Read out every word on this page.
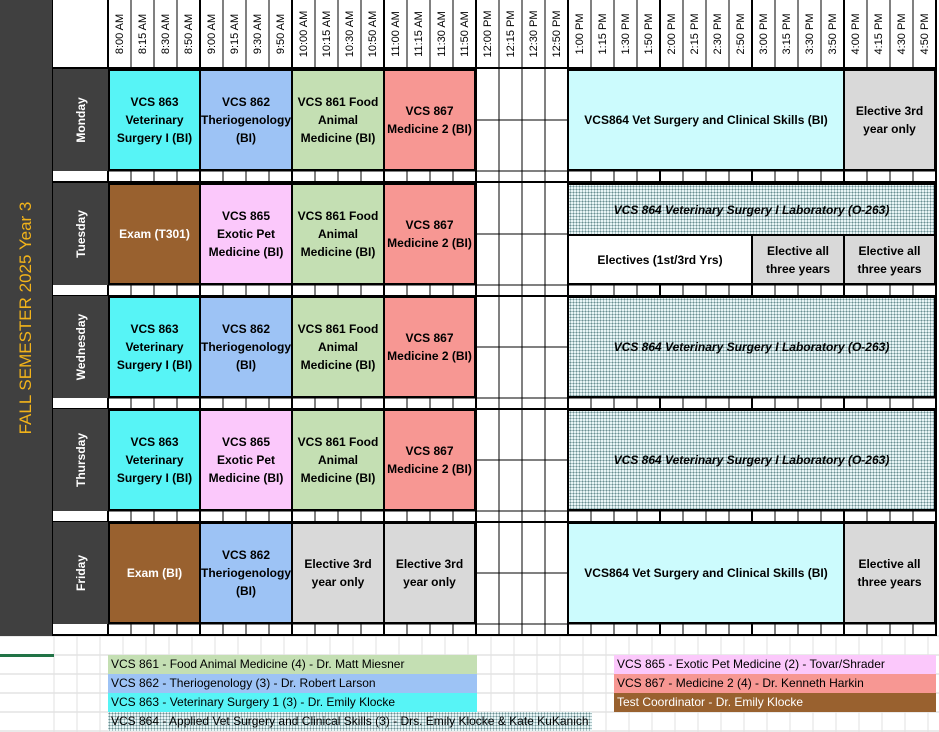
8:00 AM 8:15 AM 8:30 AM 8:50 AM 9:00 AM 9:15 AM 9:30 AM 9:50 AM 10:00 AM 10:15 AM 10:30 AM 10:50 AM 11:00 AM 11:15 AM 11:30 AM 11:50 AM 12:00 PM 12:15 PM 12:30 PM 12:50 PM 1:00 PM 1:15 PM 1:30 PM 1:50 PM 2:00 PM 2:15 PM 2:30 PM 2:50 PM 3:00 PM 3:15 PM 3:30 PM 3:50 PM 4:00 PM 4:15 PM 4:30 PM 4:50 PM
FALL SEMESTER 2025 Year 3
Monday
Tuesday
Wednesday
Thursday
Friday
VCS 863 Veterinary Surgery I (BI)
VCS 862 Theriogenology (BI)
VCS 861 Food Animal Medicine (BI)
VCS 867 Medicine 2 (BI)
VCS864 Vet Surgery and Clinical Skills (BI)
Elective 3rd year only
Exam (T301)
VCS 865 Exotic Pet Medicine (BI)
VCS 861 Food Animal Medicine (BI)
VCS 867 Medicine 2 (BI)
VCS 864 Veterinary Surgery I Laboratory (O-263)
Electives (1st/3rd Yrs)
Elective all three years
Elective all three years
VCS 863 Veterinary Surgery I (BI)
VCS 862 Theriogenology (BI)
VCS 861 Food Animal Medicine (BI)
VCS 867 Medicine 2 (BI)
VCS 864 Veterinary Surgery I Laboratory (O-263)
VCS 863 Veterinary Surgery I (BI)
VCS 865 Exotic Pet Medicine (BI)
VCS 861 Food Animal Medicine (BI)
VCS 867 Medicine 2 (BI)
VCS 864 Veterinary Surgery I Laboratory (O-263)
Exam (BI)
VCS 862 Theriogenology (BI)
Elective 3rd year only
Elective 3rd year only
VCS864 Vet Surgery and Clinical Skills (BI)
Elective all three years
VCS 861 - Food Animal Medicine (4) - Dr. Matt Miesner
VCS 862 - Theriogenology (3) - Dr. Robert Larson
VCS 863 - Veterinary Surgery 1 (3) - Dr. Emily Klocke
VCS 864 - Applied Vet Surgery and Clinical Skills (3) - Drs. Emily Klocke & Kate KuKanich
VCS 865 - Exotic Pet Medicine (2) - Tovar/Shrader
VCS 867 - Medicine 2 (4) - Dr. Kenneth Harkin
Test Coordinator - Dr. Emily Klocke
